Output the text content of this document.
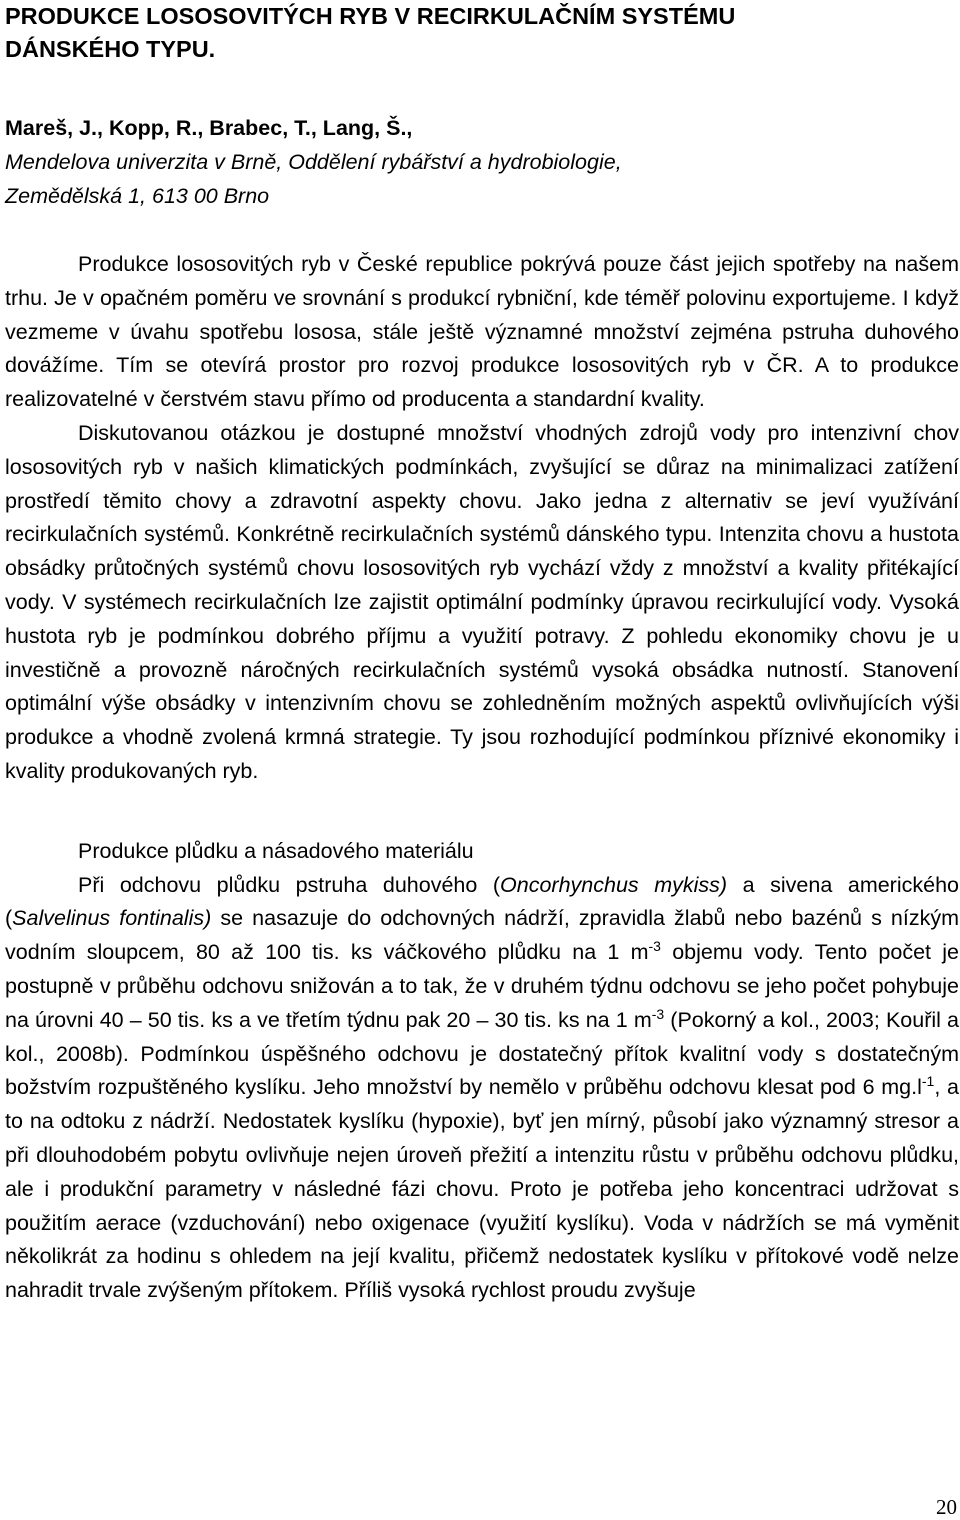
PRODUKCE LOSOSOVITÝCH RYB V RECIRKULAČNÍM SYSTÉMU
DÁNSKÉHO TYPU.
Mareš, J., Kopp, R., Brabec, T., Lang, Š.,
Mendelova univerzita v Brně, Oddělení rybářství a hydrobiologie,
Zemědělská 1, 613 00 Brno

Produkce lososovitých ryb v České republice pokrývá pouze část jejich spotřeby na našem trhu. Je v opačném poměru ve srovnání s produkcí rybniční, kde téměř polovinu exportujeme. I když vezmeme v úvahu spotřebu lososa, stále ještě významné množství zejména pstruha duhového dovážíme. Tím se otevírá prostor pro rozvoj produkce lososovitých ryb v ČR. A to produkce realizovatelné v čerstvém stavu přímo od producenta a standardní kvality.

Diskutovanou otázkou je dostupné množství vhodných zdrojů vody pro intenzivní chov lososovitých ryb v našich klimatických podmínkách, zvyšující se důraz na minimalizaci zatížení prostředí těmito chovy a zdravotní aspekty chovu. Jako jedna z alternativ se jeví využívání recirkulačních systémů. Konkrétně recirkulačních systémů dánského typu. Intenzita chovu a hustota obsádky průtočných systémů chovu lososovitých ryb vychází vždy z množství a kvality přitékající vody. V systémech recirkulačních lze zajistit optimální podmínky úpravou recirkulující vody. Vysoká hustota ryb je podmínkou dobrého příjmu a využití potravy. Z pohledu ekonomiky chovu je u investičně a provozně náročných recirkulačních systémů vysoká obsádka nutností. Stanovení optimální výše obsádky v intenzivním chovu se zohledněním možných aspektů ovlivňujících výši produkce a vhodně zvolená krmná strategie. Ty jsou rozhodující podmínkou příznivé ekonomiky i kvality produkovaných ryb.

Produkce plůdku a násadového materiálu

Při odchovu plůdku pstruha duhového (Oncorhynchus mykiss) a sivena amerického (Salvelinus fontinalis) se nasazuje do odchovných nádrží, zpravidla žlabů nebo bazénů s nízkým vodním sloupcem, 80 až 100 tis. ks váčkového plůdku na 1 $m^{-3}$ objemu vody. Tento počet je postupně v průběhu odchovu snižován a to tak, že v druhém týdnu odchovu se jeho počet pohybuje na úrovni 40 – 50 tis. ks a ve třetím týdnu pak 20 – 30 tis. ks na 1 $m^{-3}$ (Pokorný a kol., 2003; Kouřil a kol., 2008b). Podmínkou úspěšného odchovu je dostatečný přítok kvalitní vody s dostatečným božstvím rozpuštěného kyslíku. Jeho množství by nemělo v průběhu odchovu klesat pod 6 $mg.l^{-1}$, a to na odtoku z nádrží. Nedostatek kyslíku (hypoxie), byť jen mírný, působí jako významný stresor a při dlouhodobém pobytu ovlivňuje nejen úroveň přežití a intenzitu růstu v průběhu odchovu plůdku, ale i produkční parametry v následné fázi chovu. Proto je potřeba jeho koncentraci udržovat s použitím aerace (vzduchování) nebo oxigenace (využití kyslíku). Voda v nádržích se má vyměnit několikrát za hodinu s ohledem na její kvalitu, přičemž nedostatek kyslíku v přítokové vodě nelze nahradit trvale zvýšeným přítokem. Příliš vysoká rychlost proudu zvyšuje

20
